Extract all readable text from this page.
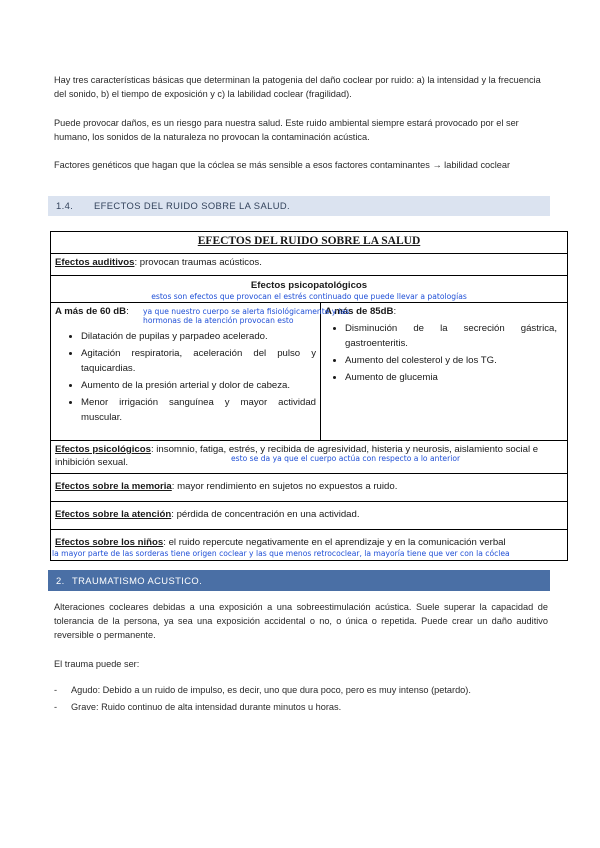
Hay tres características básicas que determinan la patogenia del daño coclear por ruido: a) la intensidad y la frecuencia del sonido, b) el tiempo de exposición y c) la labilidad coclear (fragilidad).

Puede provocar daños, es un riesgo para nuestra salud. Este ruido ambiental siempre estará provocado por el ser humano, los sonidos de la naturaleza no provocan la contaminación acústica.

Factores genéticos que hagan que la cóclea se más sensible a esos factores contaminantes → labilidad coclear

1.4. EFECTOS DEL RUIDO SOBRE LA SALUD.
EFECTOS DEL RUIDO SOBRE LA SALUD
Efectos auditivos: provocan traumas acústicos.

Efectos psicopatológicos
estos son efectos que provocan el estrés continuado que puede llevar a patologías

A más de 60 dB:	ya que nuestro cuerpo se alerta fisiológicamente y las hormonas de la atención provocan esto
• Dilatación de pupilas y parpadeo acelerado.
• Agitación respiratoria, aceleración del pulso y taquicardias.
• Aumento de la presión arterial y dolor de cabeza.
• Menor irrigación sanguínea y mayor actividad muscular.

A más de 85dB:
• Disminución de la secreción gástrica, gastroenteritis.
• Aumento del colesterol y de los TG.
• Aumento de glucemia

Efectos psicológicos: insomnio, fatiga, estrés, y recibida de agresividad, histeria y neurosis, aislamiento social e inhibición sexual.	esto se da ya que el cuerpo actúa con respecto a lo anterior

Efectos sobre la memoria: mayor rendimiento en sujetos no expuestos a ruido.
Efectos sobre la atención: pérdida de concentración en una actividad.
Efectos sobre los niños: el ruido repercute negativamente en el aprendizaje y en la comunicación verbal
la mayor parte de las sorderas tiene origen coclear y las que menos retrococlear, la mayoría tiene que ver con la cóclea
2. TRAUMATISMO ACUSTICO.

Alteraciones cocleares debidas a una exposición a una sobreestimulación acústica. Suele superar la capacidad de tolerancia de la persona, ya sea una exposición accidental o no, o única o repetida. Puede crear un daño auditivo reversible o permanente.

El trauma puede ser:

- Agudo: Debido a un ruido de impulso, es decir, uno que dura poco, pero es muy intenso (petardo).
- Grave: Ruido continuo de alta intensidad durante minutos u horas.
